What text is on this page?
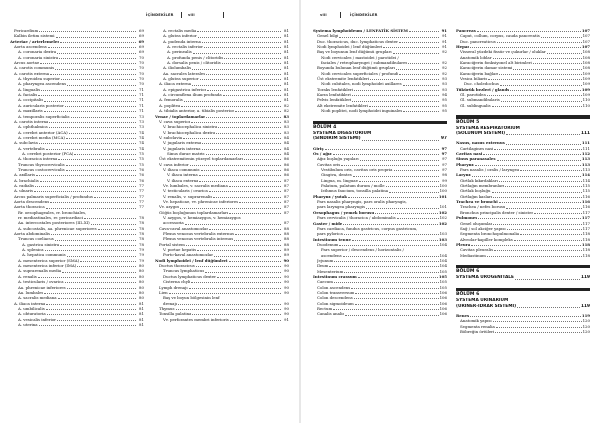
İÇİNDEKİLER	viii	viii	İÇİNDEKİLER
Pericardium	69
Kalbin iletim sistemi	69
Arteriae / arterlemeler	69
Aorta ascendens	69
A. coronaria dextra	69
A. coronaria sinistra	70
Arcus aortae	70
A. carotis communis	70
A. carotis externa	70
A. thyroidea superior	70
A. pharyngea ascendens	70
A. lingualis	71
A. facialis	71
A. occipitalis	71
A. auricularis posterior	71
A. maxillaris	71
A. temporalis superficialis	73
A. carotis interna	73
A. ophthalmica	73
A. cerebri anterior (ACA)	74
A. cerebri media (MCA)	74
A. subclavia	74
A. vertebralis	74
A. cerebri posterior (PCA)	75
A. thoracica interna	75
Truncus thyrocervicalis	75
Truncus costocervicalis	76
A. axillaris	76
A. brachialis	76
A. radialis	77
A. ulnaris	77
Arcus palmaris superficialis / profundus	77
Aorta descendens	77
Aorta thoracica	77
Rr. oesophageales, rr. bronchiales,
rr. mediastinales, rr. pericardiaci	78
Aa. intercostales posteriores (III–XI)	78
A. subcostalis, aa. phrenicae superiores	78
Aorta abdominalis	78
Truncus coeliacus	78
A. gastrica sinistra	78
A. splenica	79
A. hepatica communis	79
A. mesenterica superior (SMA)	79
A. mesenterica inferior (IMA)	80
A. suprarenalis media	80
A. renalis	80
A. testicularis / ovarica	80
Aa. phrenicae inferiores	80
Aa. lumbales	80
A. sacralis mediana	80
A. iliaca interna	81
A. umbilicalis	81
A. obturatoria	81
A. vesicalis inferior	81
A. uterina	81
A. rectalis media	81
A. glutea inferior	81
A. pudenda interna	81
A. rectalis inferior	81
A. perinealis	81
A. profunda penis / clitoridis	81
A. dorsalis penis / clitoridis	81
A. iliolumbalis	81
Aa. sacrales laterales	81
A. glutea superior	81
A. iliaca externa	81
A. epigastrica inferior	81
A. circumflexa ilium profunda	81
A. femoralis	81
A. poplitea	82
A. tibialis anterior, a. tibialis posterior	82
Venae / toplardamarlar	83
V. cava superior	83
V. brachiocephalica sinistra	83
V. brachiocephalica dextra	83
V. subclavia	84
V. jugularis externa	84
V. jugularis interna	84
Sinus durae matris	84
Üst ekstremitenin yüzeyel toplardamarları	86
V. cava inferior	86
V. iliaca communis	86
V. iliaca interna	86
V. iliaca externa	87
Vv. lumbales, v. sacralis mediana	87
V. testicularis / ovarica	87
V. renalis, v. suprarenalis	87
Vv. hepaticae, vv. phrenicae inferiores	87
Vv. azygos	87
Göğüs boşluğunun toplardamarları	87
V. azygos, v. hemiazygos, v. hemiazygos
accessoria	87
Cava-caval anastomozlar	88
Plexus venosus vertebralis externus	88
Plexus venosus vertebralis internus	88
Portal sistem	88
V. portae hepatis	89
Porto-kaval anastomozlar	89
Nodi lymphoidei / lenf düğümleri	90
Ductus thoracicus	90
Truncus lymphaticus	90
Ductus lymphaticus dexter	90
Cisterna chyli	90
Lymph drenajı	90
Lien	90
Baş ve boyun bölgesinin lenf
drenajı	90
Thymus	90
Tonsilla palatina	90
Vv. perforantes membri inferioris	91
Systema lymphoideum / LENFATİK SİSTEM	91
Genel bilgi	91
Duc. thoracicus, duc. lymphaticus dexter	91
Nodi lymphoidei / lenf düğümleri	91
Baş ve boyunun lenf düğümü grupları	92
Nodi cervicales / mastoidei / parotidei /
faciales / retropharyngei / submandibulares	92
Boyunda bulunan lenf düğümü grupları	92
Nodi cervicales superficiales / profundi	92
Üst ekstremite lenfatikleri	93
Nodi cubitales, nodi lymphoidei axillares	93
Toraks lenfatikleri	93
Karın lenfatikleri	94
Pelvis lenfatikleri	95
Alt ekstremite lenfatikleri	95
Nodi poplitei, nodi lymphoidei inguinales	95
BÖLÜM 4
SYSTEMA DIGESTORIUM
(SİNDİRİM SİSTEMİ)	97
Giriş	97
Os / ağız	97
Ağız boşluğu yapıları	97
Cavitas oris	97
Vestibulum oris, cavitas oris propria	97
Gingiva, dentes	98
Lingua, m. linguae	99
Palatum, palatum durum / molle	100
Isthmus faucium, tonsilla palatina	100
Pharynx / yutak	101
Pars nasalis pharyngis, pars oralis pharyngis,
pars laryngea pharyngis	101
Oesophagus / yemek borusu	102
Pars cervicalis / thoracica / abdominalis	102
Gaster / mide	102
Pars cardiaca, fundus gastricus, corpus gastricum,
pars pylorica	103
Intestinum tenue	103
Duodenum	104
Pars superior / descendens / horizontalis /
ascendens	104
Jejunum	104
Ileum	104
Mesenterium	105
Intestinum crassum	105
Caecum	105
Colon ascendens	105
Colon transversum	106
Colon descendens	106
Colon sigmoideum	106
Rectum	106
Canalis analis	106
Pancreas	107
Caput, collum, corpus, cauda pancreatis	107
Duc. pancreaticus	107
Hepar	107
Visseral yüzdeki fissür ve çukurlar / oluklar	108
Anatomik loblar	108
Karaciğerin fonksiyonel alt birimleri	108
Karaciğerin damar sistemi	108
Karaciğerin bağları	109
Vesica biliaris	109
Duc. choledochus	109
Tükürük bezleri / glands	109
Gl. parotidea	109
Gl. submandibularis	110
Gl. sublingualis	110
BÖLÜM 5
SYSTEMA RESPIRATORIUM
(SOLUNUM SİSTEMİ)	111
Nasus, nasus externus	111
Cartilagines nasi	111
Cavitas nasi	112
Sinus paranasales	113
Pharynx	113
Pars nasalis / oralis / laryngea	113
Larynx	114
Girtlak kıkırdakları	114
Girtlağın membranları	115
Girtlak boşluğu	115
Girtlağın kasları	116
Trachea ve bronchi	116
Trachea / nefes borusu	116
Bronchus principalis dexter / sinister	117
Pulmones	117
Genel oluşumlar	117
Sağ / sol akciğer yapısı	117
Segmenta bronchopulmonalia	118
Alveolar-kapiller kompleks	118
Pleura	118
Cavitas pleuralis	118
Mediastinum	118
BÖLÜM 6
SYSTEMA UROGENITALE	119
BÖLÜM 6
SYSTEMA URINARIUM
(ÜRİNER-İDRAR SİSTEMİ)	119
Renes	119
Anatomik yapısı	120
Segmenta renalia	120
Böbreğin örtüleri	120
